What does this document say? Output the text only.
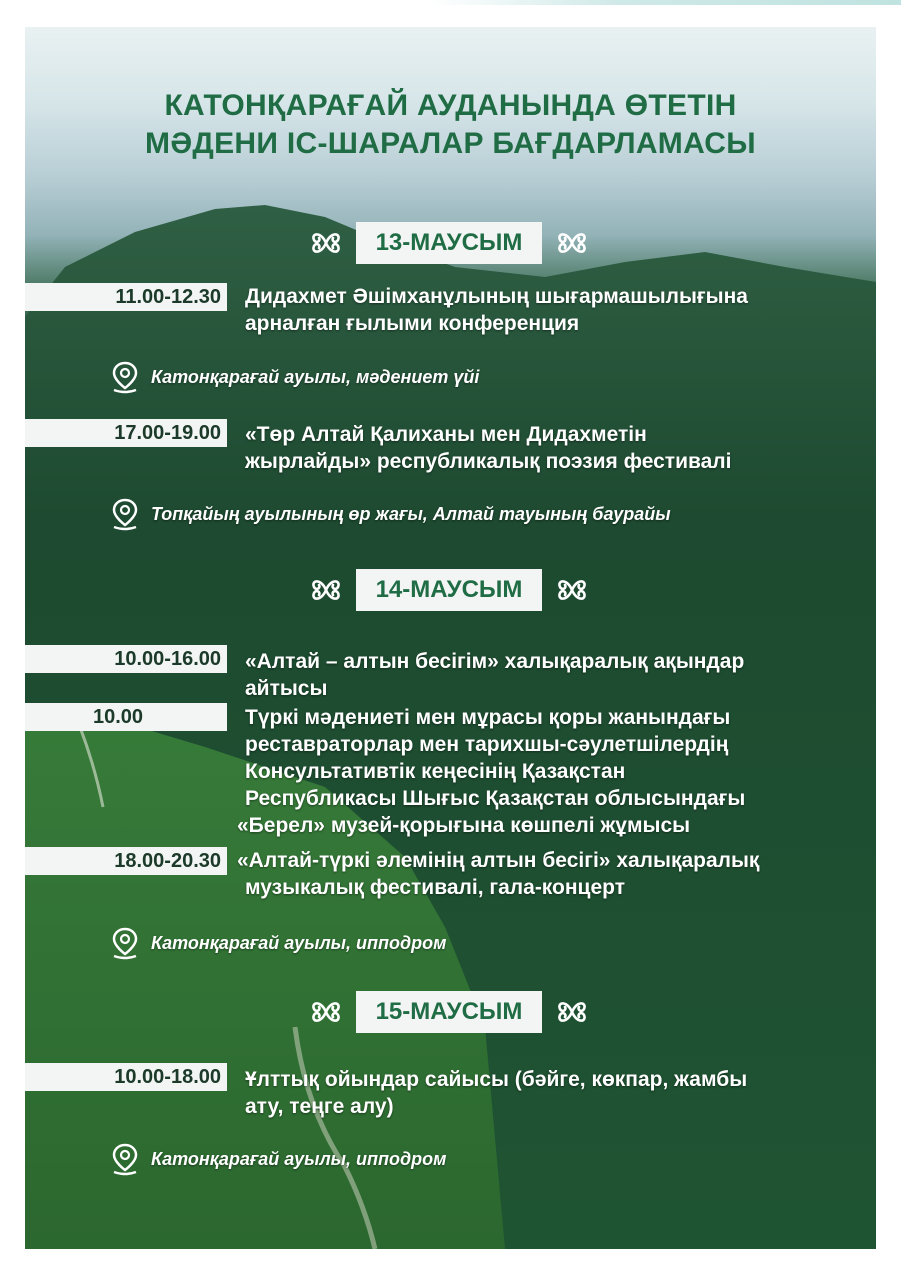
КАТОНҚАРАҒАЙ АУДАНЫНДА ӨТЕТІН
МӘДЕНИ ІС-ШАРАЛАР БАҒДАРЛАМАСЫ
13-МАУСЫМ
11.00-12.30 Дидахмет Әшімханұлының шығармашылығына
арналған ғылыми конференция
Катонқарағай ауылы, мәдениет үйі
17.00-19.00 «Төр Алтай Қалиханы мен Дидахметін
жырлайды» республикалық поэзия фестивалі
Топқайың ауылының өр жағы, Алтай тауының баурайы
14-МАУСЫМ
10.00-16.00 «Алтай – алтын бесігім» халықаралық ақындар
айтысы
10.00	Түркі мәдениеті мен мұрасы қоры жанындағы
реставраторлар мен тарихшы-сәулетшілердің
Консультативтік кеңесінің Қазақстан
Республикасы Шығыс Қазақстан облысындағы
«Берел» музей-қорығына көшпелі жұмысы
18.00-20.30 «Алтай-түркі әлемінің алтын бесігі» халықаралық
музыкалық фестивалі, гала-концерт
Катонқарағай ауылы, ипподром
15-МАУСЫМ
10.00-18.00 Ұлттық ойындар сайысы (бәйге, көкпар, жамбы
ату, теңге алу)
Катонқарағай ауылы, ипподром
